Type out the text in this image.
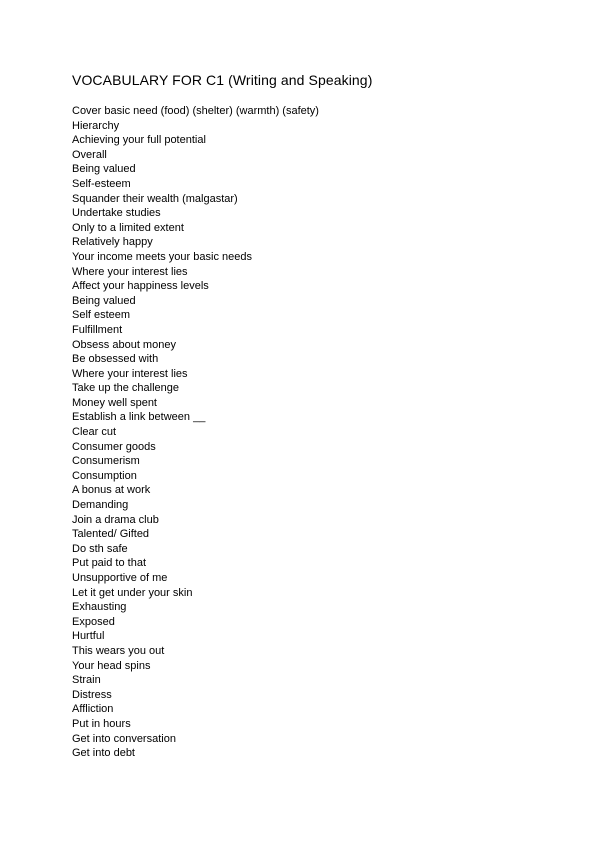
VOCABULARY FOR C1 (Writing and Speaking)
Cover basic need (food) (shelter) (warmth) (safety)
Hierarchy
Achieving your full potential
Overall
Being valued
Self-esteem
Squander their wealth (malgastar)
Undertake studies
Only to a limited extent
Relatively happy
Your income meets your basic needs
Where your interest lies
Affect your happiness levels
Being valued
Self esteem
Fulfillment
Obsess about money
Be obsessed with
Where your interest lies
Take up the challenge
Money well spent
Establish a link between __
Clear cut
Consumer goods
Consumerism
Consumption
A bonus at work
Demanding
Join a drama club
Talented/ Gifted
Do sth safe
Put paid to that
Unsupportive of me
Let it get under your skin
Exhausting
Exposed
Hurtful
This wears you out
Your head spins
Strain
Distress
Affliction
Put in hours
Get into conversation
Get into debt
